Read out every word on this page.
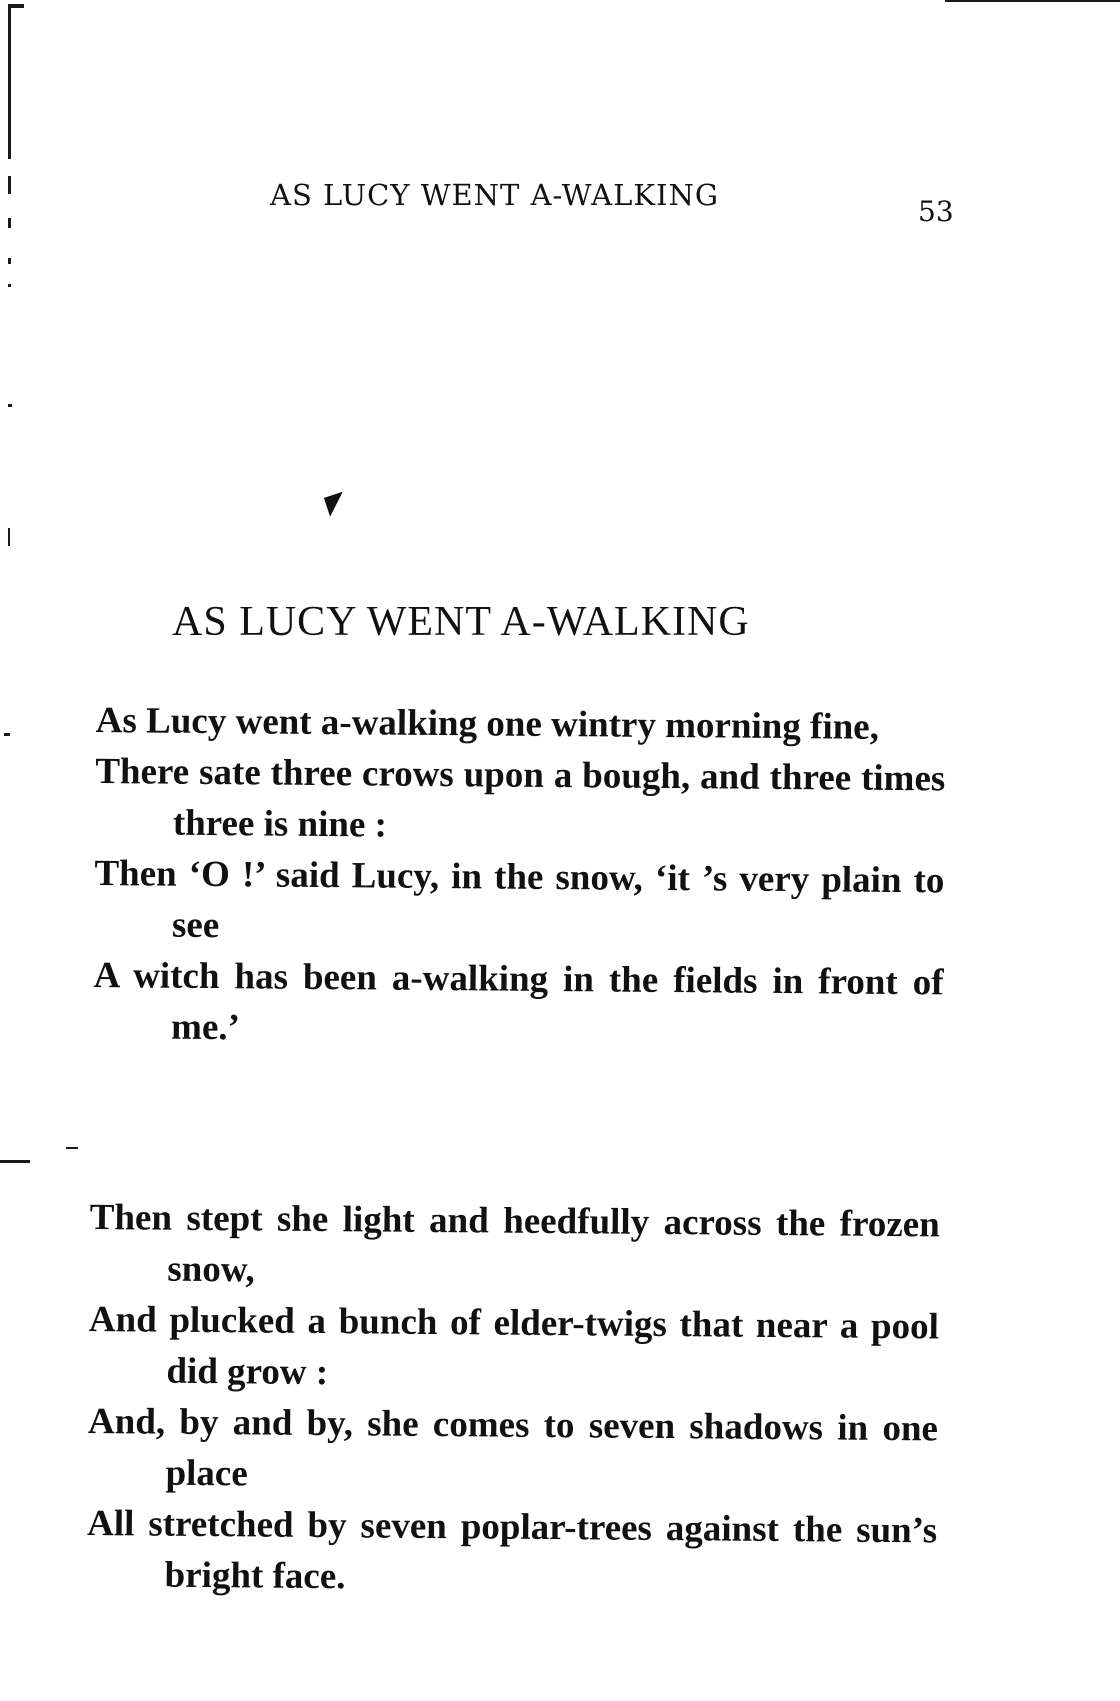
AS LUCY WENT A-WALKING	53
◤
AS LUCY WENT A-WALKING
As Lucy went a-walking one wintry morning fine,
There sate three crows upon a bough, and three times three is nine :
Then ‘O !’ said Lucy, in the snow, ‘it ’s very plain to see
A witch has been a-walking in the fields in front of me.’
Then stept she light and heedfully across the frozen snow,
And plucked a bunch of elder-twigs that near a pool did grow :
And, by and by, she comes to seven shadows in one place
All stretched by seven poplar-trees against the sun’s bright face.
